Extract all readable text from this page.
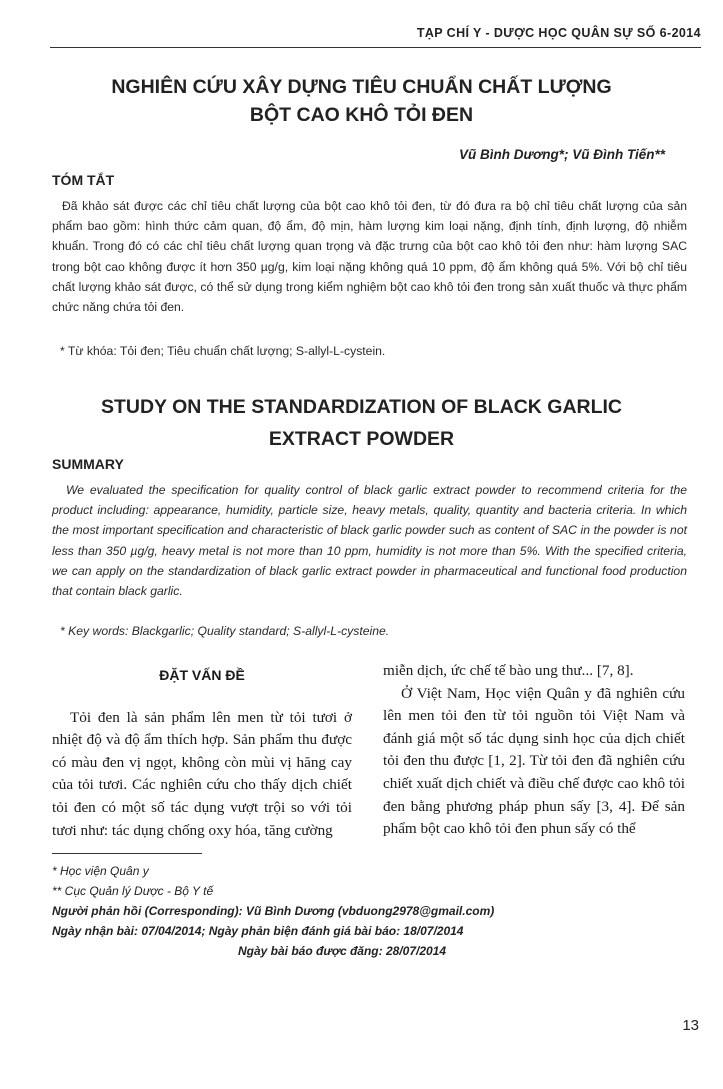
TẠP CHÍ Y - DƯỢC HỌC QUÂN SỰ SỐ 6-2014
NGHIÊN CỨU XÂY DỰNG TIÊU CHUẨN CHẤT LƯỢNG
BỘT CAO KHÔ TỎI ĐEN
Vũ Bình Dương*; Vũ Đình Tiến**
TÓM TẮT
Đã khảo sát được các chỉ tiêu chất lượng của bột cao khô tỏi đen, từ đó đưa ra bộ chỉ tiêu chất lượng của sản phẩm bao gồm: hình thức cảm quan, độ ẩm, độ mịn, hàm lượng kim loại nặng, định tính, định lượng, độ nhiễm khuẩn. Trong đó có các chỉ tiêu chất lượng quan trọng và đặc trưng của bột cao khô tỏi đen như: hàm lượng SAC trong bột cao không được ít hơn 350 µg/g, kim loại nặng không quá 10 ppm, độ ẩm không quá 5%. Với bộ chỉ tiêu chất lượng khảo sát được, có thể sử dụng trong kiểm nghiệm bột cao khô tỏi đen trong sản xuất thuốc và thực phẩm chức năng chứa tỏi đen.
* Từ khóa: Tỏi đen; Tiêu chuẩn chất lượng; S-allyl-L-cystein.
STUDY ON THE STANDARDIZATION OF BLACK GARLIC
EXTRACT POWDER
SUMMARY
We evaluated the specification for quality control of black garlic extract powder to recommend criteria for the product including: appearance, humidity, particle size, heavy metals, quality, quantity and bacteria criteria. In which the most important specification and characteristic of black garlic powder such as content of SAC in the powder is not less than 350 µg/g, heavy metal is not more than 10 ppm, humidity is not more than 5%. With the specified criteria, we can apply on the standardization of black garlic extract powder in pharmaceutical and functional food production that contain black garlic.
* Key words: Blackgarlic; Quality standard; S-allyl-L-cysteine.
ĐẶT VẤN ĐỀ

Tỏi đen là sản phẩm lên men từ tỏi tươi ở nhiệt độ và độ ẩm thích hợp. Sản phẩm thu được có màu đen vị ngọt, không còn mùi vị hăng cay của tỏi tươi. Các nghiên cứu cho thấy dịch chiết tỏi đen có một số tác dụng vượt trội so với tỏi tươi như: tác dụng chống oxy hóa, tăng cường

miễn dịch, ức chế tế bào ung thư... [7, 8].

Ở Việt Nam, Học viện Quân y đã nghiên cứu lên men tỏi đen từ tỏi nguồn tỏi Việt Nam và đánh giá một số tác dụng sinh học của dịch chiết tỏi đen thu được [1, 2]. Từ tỏi đen đã nghiên cứu chiết xuất dịch chiết và điều chế được cao khô tỏi đen bằng phương pháp phun sấy [3, 4]. Để sản phẩm bột cao khô tỏi đen phun sấy có thể

* Học viện Quân y
** Cục Quản lý Dược - Bộ Y tế
Người phản hồi (Corresponding): Vũ Bình Dương (vbduong2978@gmail.com)
Ngày nhận bài: 07/04/2014; Ngày phản biện đánh giá bài báo: 18/07/2014
Ngày bài báo được đăng: 28/07/2014
13
